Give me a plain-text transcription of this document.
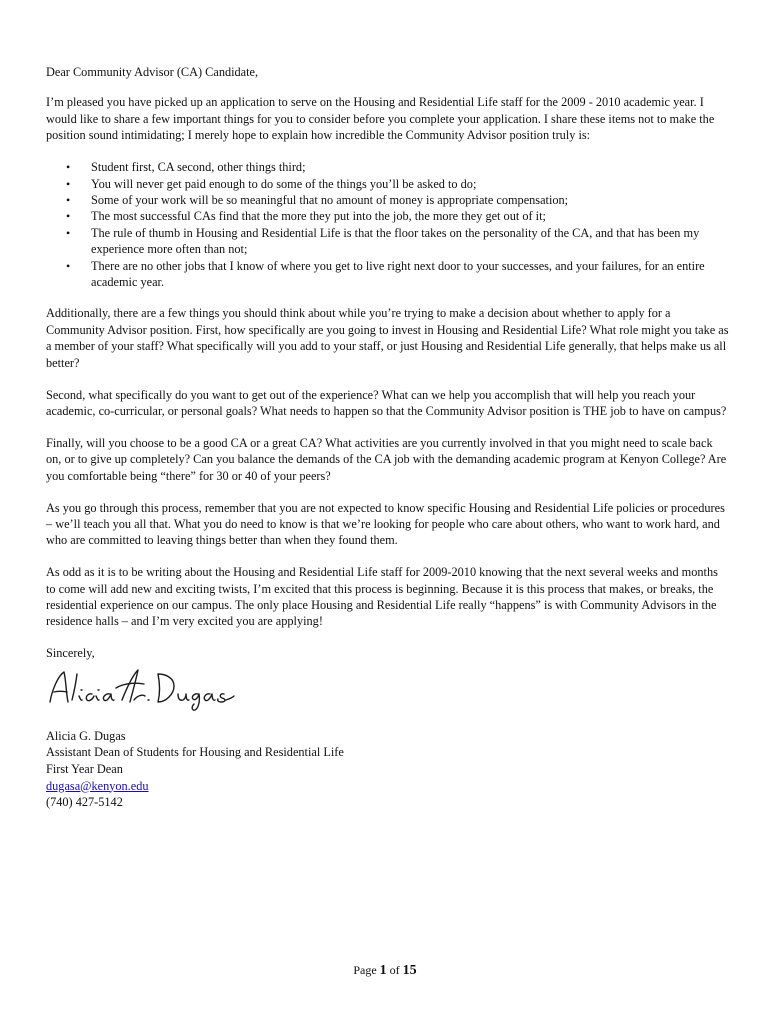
Dear Community Advisor (CA) Candidate,

I’m pleased you have picked up an application to serve on the Housing and Residential Life staff for the 2009 - 2010 academic year. I would like to share a few important things for you to consider before you complete your application. I share these items not to make the position sound intimidating; I merely hope to explain how incredible the Community Advisor position truly is:

• Student first, CA second, other things third;
• You will never get paid enough to do some of the things you’ll be asked to do;
• Some of your work will be so meaningful that no amount of money is appropriate compensation;
• The most successful CAs find that the more they put into the job, the more they get out of it;
• The rule of thumb in Housing and Residential Life is that the floor takes on the personality of the CA, and that has been my experience more often than not;
• There are no other jobs that I know of where you get to live right next door to your successes, and your failures, for an entire academic year.

Additionally, there are a few things you should think about while you’re trying to make a decision about whether to apply for a Community Advisor position. First, how specifically are you going to invest in Housing and Residential Life? What role might you take as a member of your staff? What specifically will you add to your staff, or just Housing and Residential Life generally, that helps make us all better?

Second, what specifically do you want to get out of the experience? What can we help you accomplish that will help you reach your academic, co-curricular, or personal goals? What needs to happen so that the Community Advisor position is THE job to have on campus?

Finally, will you choose to be a good CA or a great CA? What activities are you currently involved in that you might need to scale back on, or to give up completely? Can you balance the demands of the CA job with the demanding academic program at Kenyon College? Are you comfortable being “there” for 30 or 40 of your peers?

As you go through this process, remember that you are not expected to know specific Housing and Residential Life policies or procedures – we’ll teach you all that. What you do need to know is that we’re looking for people who care about others, who want to work hard, and who are committed to leaving things better than when they found them.

As odd as it is to be writing about the Housing and Residential Life staff for 2009-2010 knowing that the next several weeks and months to come will add new and exciting twists, I’m excited that this process is beginning. Because it is this process that makes, or breaks, the residential experience on our campus. The only place Housing and Residential Life really “happens” is with Community Advisors in the residence halls – and I’m very excited you are applying!

Sincerely,
Alicia G. Dugas
Assistant Dean of Students for Housing and Residential Life
First Year Dean
dugasa@kenyon.edu
(740) 427-5142
Page 1 of 15
